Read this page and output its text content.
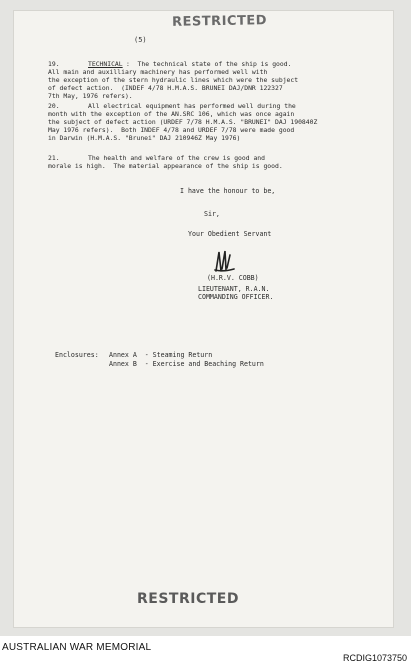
RESTRICTED
(5)
19.	TECHNICAL :  The technical state of the ship is good.
All main and auxilliary machinery has performed well with
the exception of the stern hydraulic lines which were the subject
of defect action.  (INDEF 4/78 H.M.A.S. BRUNEI DAJ/DNR 122327
7th May, 1976 refers).
20.	All electrical equipment has performed well during the
month with the exception of the AN.SRC 106, which was once again
the subject of defect action (URDEF 7/78 H.M.A.S. "BRUNEI" DAJ 190840Z
May 1976 refers).  Both INDEF 4/78 and URDEF 7/78 were made good
in Darwin (H.M.A.S. "Brunei" DAJ 210946Z May 1976)
21.	The health and welfare of the crew is good and
morale is high.  The material appearance of the ship is good.
I have the honour to be,
Sir,
Your Obedient Servant
(H.R.V. COBB)
LIEUTENANT, R.A.N.
COMMANDING OFFICER.
Enclosures: Annex A  - Steaming Return
Annex B  - Exercise and Beaching Return
RESTRICTED
AUSTRALIAN WAR MEMORIAL
RCDIG1073750
